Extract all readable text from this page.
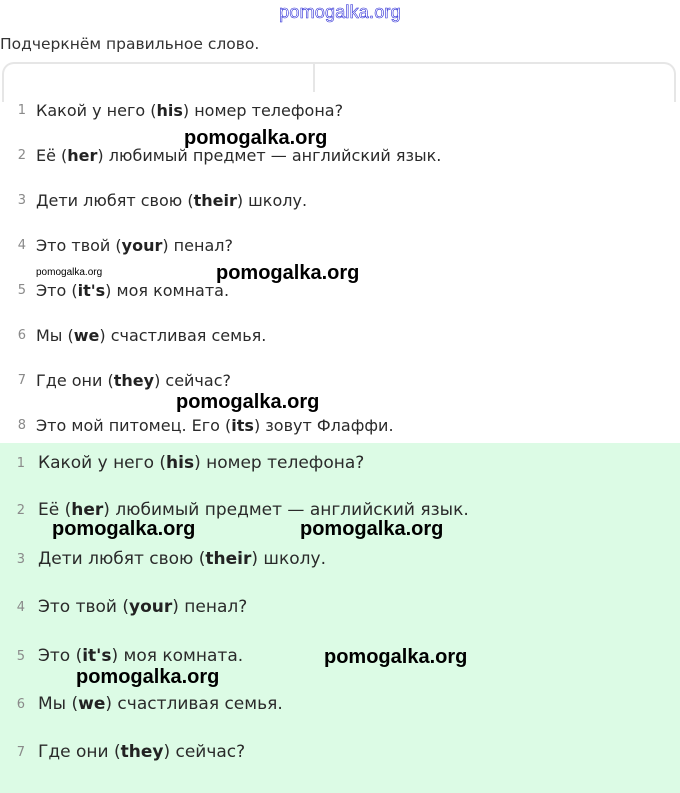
pomogalka.org
Подчеркнём правильное слово.
1 Какой у него (his) номер телефона?
2 Её (her) любимый предмет — английский язык.
3 Дети любят свою (their) школу.
4 Это твой (your) пенал?
5 Это (it's) моя комната.
6 Мы (we) счастливая семья.
7 Где они (they) сейчас?
8 Это мой питомец. Его (its) зовут Флаффи.
1 Какой у него (his) номер телефона?
2 Её (her) любимый предмет — английский язык.
3 Дети любят свою (their) школу.
4 Это твой (your) пенал?
5 Это (it's) моя комната.
6 Мы (we) счастливая семья.
7 Где они (they) сейчас?
pomogalka.org
pomogalka.org	pomogalka.org
pomogalka.org
pomogalka.org	pomogalka.org
pomogalka.org
pomogalka.org
